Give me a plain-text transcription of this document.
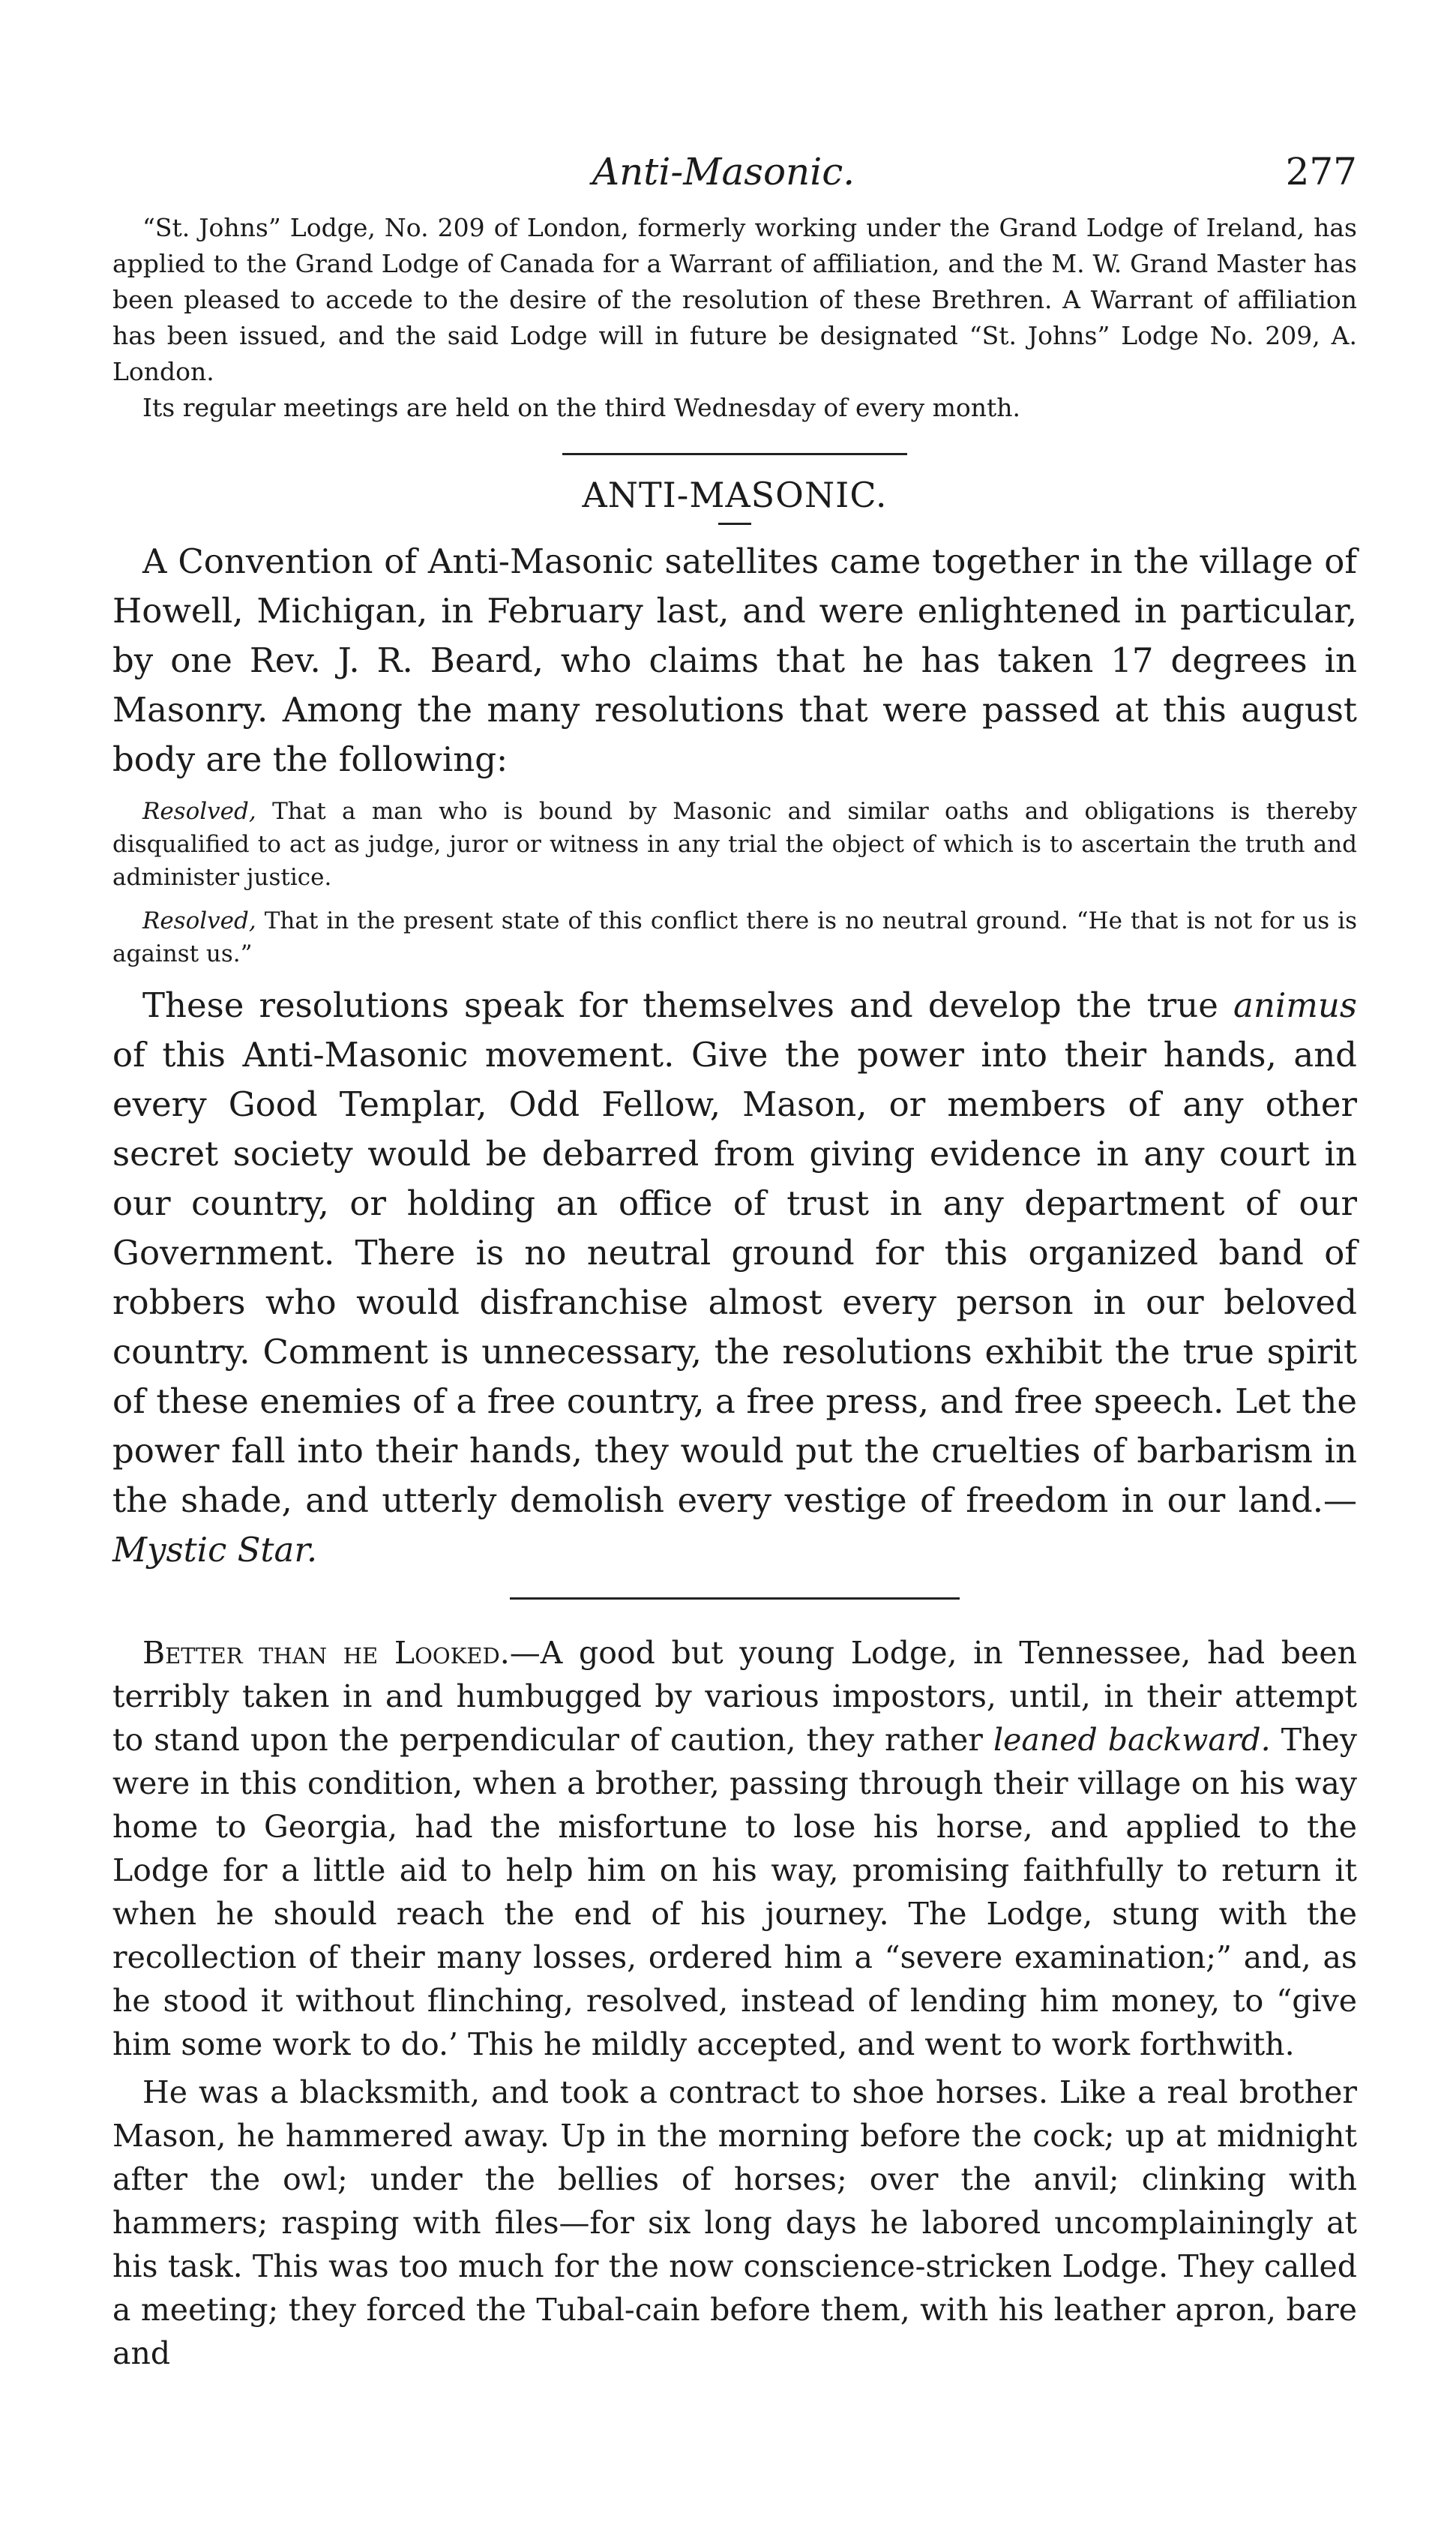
Anti-Masonic.	277

“St. Johns” Lodge, No. 209 of London, formerly working under the Grand Lodge of Ireland, has applied to the Grand Lodge of Canada for a Warrant of affiliation, and the M. W. Grand Master has been pleased to accede to the desire of the resolution of these Brethren. A Warrant of affiliation has been issued, and the said Lodge will in future be designated “St. Johns” Lodge No. 209, A. London.

Its regular meetings are held on the third Wednesday of every month.

ANTI-MASONIC.

A Convention of Anti-Masonic satellites came together in the village of Howell, Michigan, in February last, and were enlightened in particular, by one Rev. J. R. Beard, who claims that he has taken 17 degrees in Masonry. Among the many resolutions that were passed at this august body are the following:

Resolved, That a man who is bound by Masonic and similar oaths and obligations is thereby disqualified to act as judge, juror or witness in any trial the object of which is to ascertain the truth and administer justice.

Resolved, That in the present state of this conflict there is no neutral ground. “He that is not for us is against us.”

These resolutions speak for themselves and develop the true animus of this Anti-Masonic movement. Give the power into their hands, and every Good Templar, Odd Fellow, Mason, or members of any other secret society would be debarred from giving evidence in any court in our country, or holding an office of trust in any department of our Government. There is no neutral ground for this organized band of robbers who would disfranchise almost every person in our beloved country. Comment is unnecessary, the resolutions exhibit the true spirit of these enemies of a free country, a free press, and free speech. Let the power fall into their hands, they would put the cruelties of barbarism in the shade, and utterly demolish every vestige of freedom in our land.—Mystic Star.

Better than he Looked.—A good but young Lodge, in Tennessee, had been terribly taken in and humbugged by various impostors, until, in their attempt to stand upon the perpendicular of caution, they rather leaned backward. They were in this condition, when a brother, passing through their village on his way home to Georgia, had the misfortune to lose his horse, and applied to the Lodge for a little aid to help him on his way, promising faithfully to return it when he should reach the end of his journey. The Lodge, stung with the recollection of their many losses, ordered him a “severe examination;” and, as he stood it without flinching, resolved, instead of lending him money, to “give him some work to do.’ This he mildly accepted, and went to work forthwith.

He was a blacksmith, and took a contract to shoe horses. Like a real brother Mason, he hammered away. Up in the morning before the cock; up at midnight after the owl; under the bellies of horses; over the anvil; clinking with hammers; rasping with files—for six long days he labored uncomplainingly at his task. This was too much for the now conscience-stricken Lodge. They called a meeting; they forced the Tubal-cain before them, with his leather apron, bare and
